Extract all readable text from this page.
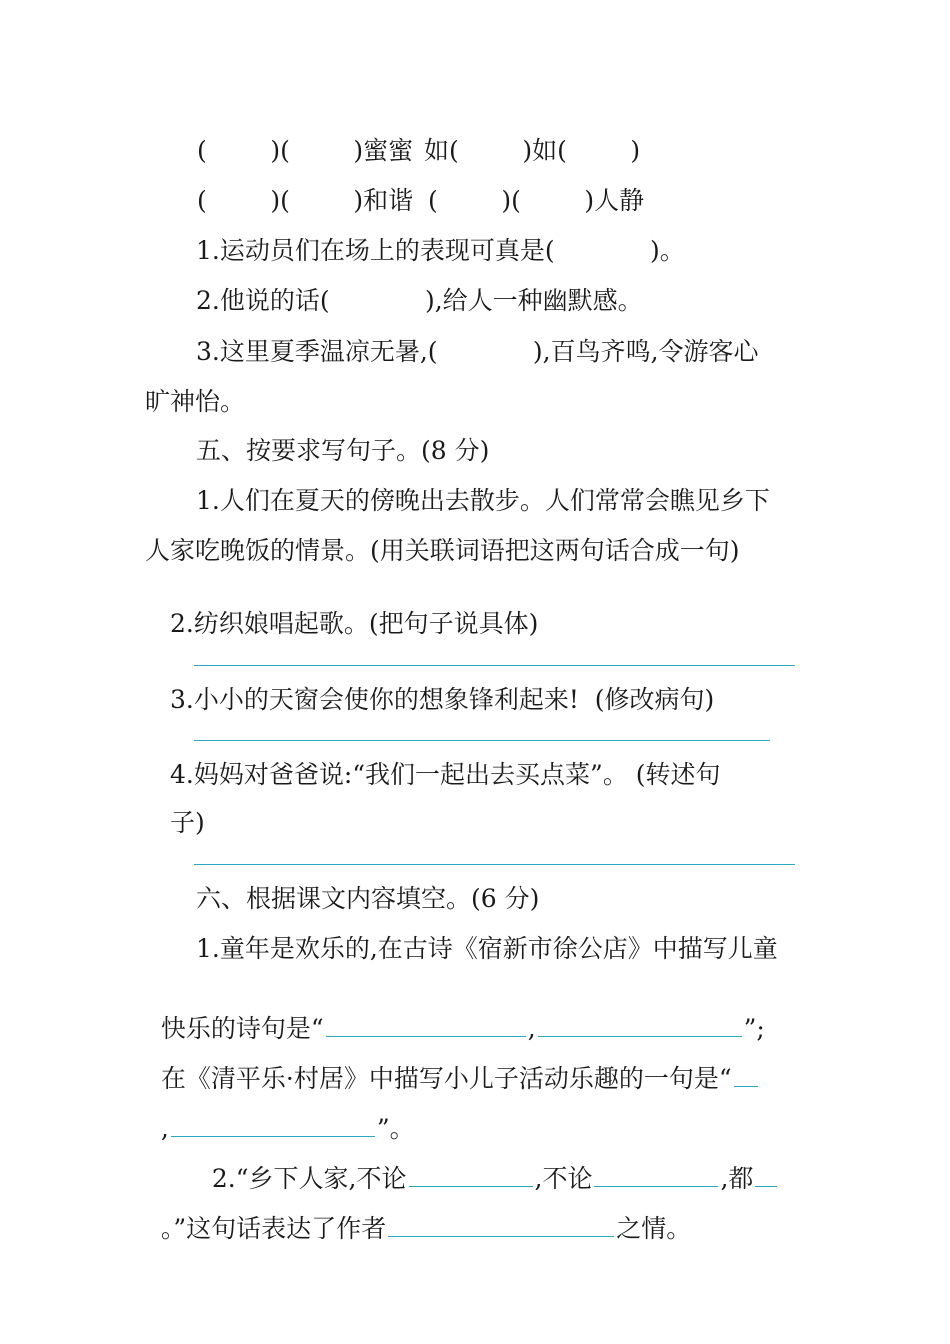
(        )(        )蜜蜜 如(        )如(        )
(        )(        )和谐 (        )(        )人静
1.运动员们在场上的表现可真是(            )。
2.他说的话(            ),给人一种幽默感。
3.这里夏季温凉无暑,(            ),百鸟齐鸣,令游客心
旷神怡。
五、按要求写句子。(8 分)
1.人们在夏天的傍晚出去散步。人们常常会瞧见乡下
人家吃晚饭的情景。(用关联词语把这两句话合成一句)
2.纺织娘唱起歌。(把句子说具体)
3.小小的天窗会使你的想象锋利起来!  (修改病句)
4.妈妈对爸爸说:“我们一起出去买点菜”。 (转述句
子)
六、根据课文内容填空。(6 分)
1.童年是欢乐的,在古诗《宿新市徐公店》中描写儿童

快乐的诗句是“	,	”;

在《清平乐·村居》中描写小儿子活动乐趣的一句是“

,	”。

2.“乡下人家,不论	,不论	,都

。”这句话表达了作者	之情。
